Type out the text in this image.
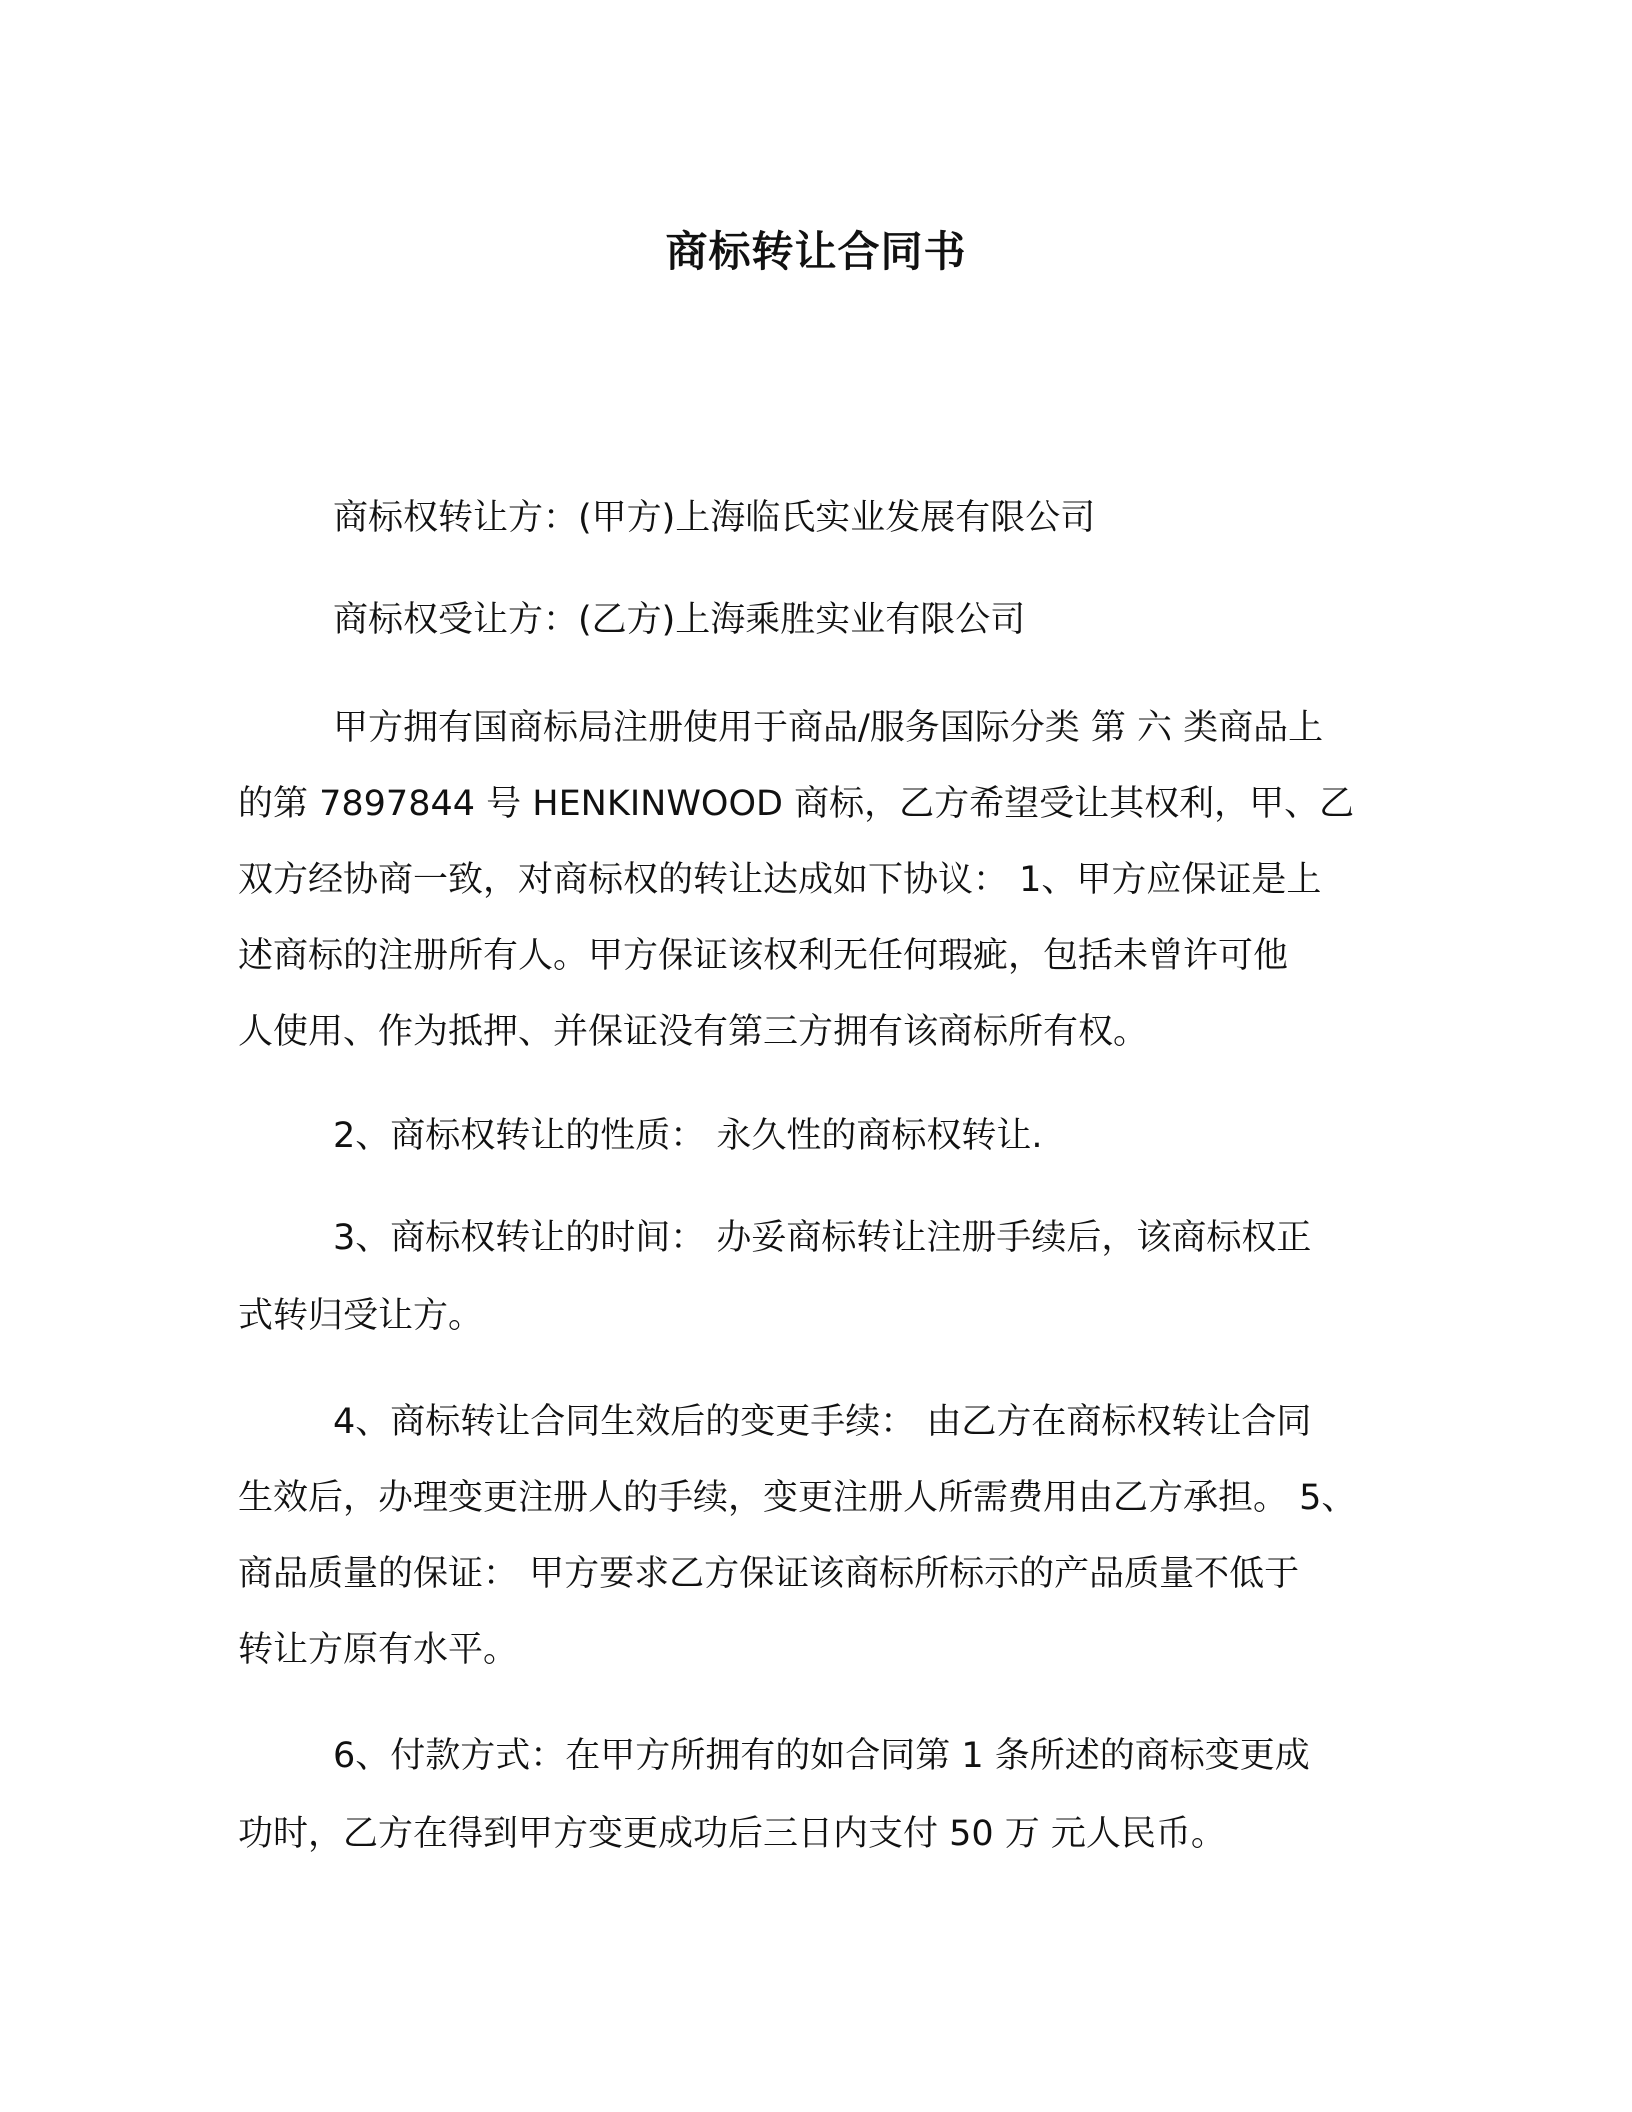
商标转让合同书
商标权转让方：(甲方)上海临氏实业发展有限公司
商标权受让方：(乙方)上海乘胜实业有限公司
甲方拥有国商标局注册使用于商品/服务国际分类 第 六 类商品上
的第 7897844 号 HENKINWOOD 商标，乙方希望受让其权利，甲、乙
双方经协商一致，对商标权的转让达成如下协议： 1、甲方应保证是上
述商标的注册所有人。甲方保证该权利无任何瑕疵，包括未曾许可他
人使用、作为抵押、并保证没有第三方拥有该商标所有权。
2、商标权转让的性质： 永久性的商标权转让.
3、商标权转让的时间： 办妥商标转让注册手续后，该商标权正
式转归受让方。
4、商标转让合同生效后的变更手续： 由乙方在商标权转让合同
生效后，办理变更注册人的手续，变更注册人所需费用由乙方承担。 5、
商品质量的保证： 甲方要求乙方保证该商标所标示的产品质量不低于
转让方原有水平。
6、付款方式：在甲方所拥有的如合同第 1 条所述的商标变更成
功时，乙方在得到甲方变更成功后三日内支付 50 万 元人民币。
